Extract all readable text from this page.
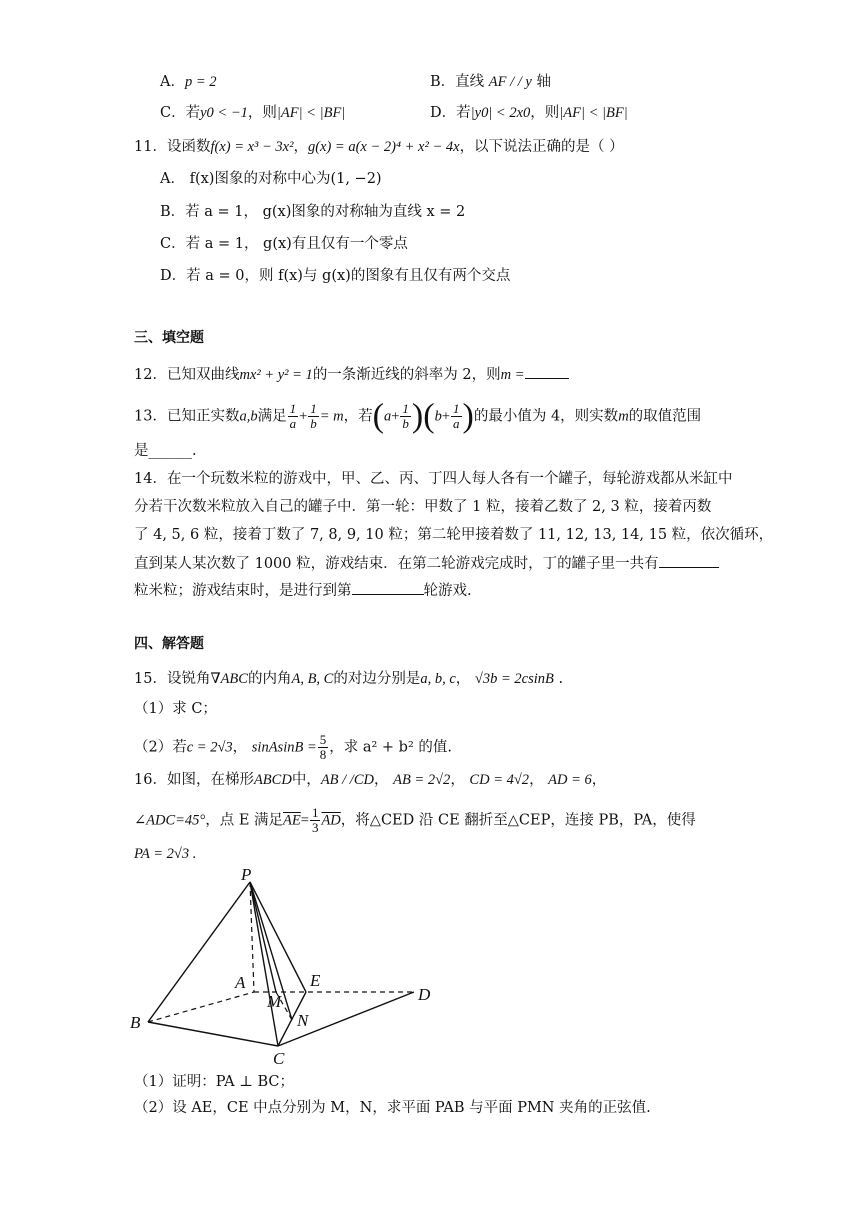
A．p = 2	B．直线 AF / / y 轴
C．若y0 < −1，则|AF| < |BF|	D．若|y0| < 2x0，则|AF| < |BF|
11．设函数f(x) = x³ − 3x²，g(x) = a(x − 2)⁴ + x² − 4x，以下说法正确的是（ ）
A． f(x)图象的对称中心为(1, −2)
B．若 a = 1， g(x)图象的对称轴为直线 x = 2
C．若 a = 1， g(x)有且仅有一个零点
D．若 a = 0，则 f(x)与 g(x)的图象有且仅有两个交点
三、填空题
12．已知双曲线mx² + y² = 1的一条渐近线的斜率为 2，则m =
13．已知正实数a,b满足 $\frac{1}{a} + \frac{1}{b} = m$，若$(a+ \frac{1}{b} )(b+ \frac{1}{a}$ )的最小值为 4，则实数m的取值范围
是______.
14．在一个玩数米粒的游戏中，甲、乙、丙、丁四人每人各有一个罐子，每轮游戏都从米缸中
分若干次数米粒放入自己的罐子中．第一轮：甲数了 1 粒，接着乙数了 2, 3 粒，接着丙数
了 4, 5, 6 粒，接着丁数了 7, 8, 9, 10 粒；第二轮甲接着数了 11, 12, 13, 14, 15 粒，依次循环，
直到某人某次数了 1000 粒，游戏结束．在第二轮游戏完成时，丁的罐子里一共有
粒米粒；游戏结束时，是进行到第	轮游戏.
四、解答题
15．设锐角∇ABC的内角A, B, C的对边分别是a, b, c， √3b = 2csinB .
（1）求 C；
（2）若c = 2√3， sinAsinB = $\frac{5}{8}$ ，求 a² + b² 的值.
16．如图，在梯形ABCD中，AB / /CD， AB = 2√2， CD = 4√2， AD = 6，
∠ADC=45°，点 E 满足$\overline{AE}= \frac{1}{3} \overline{AD}$，将△CED 沿 CE 翻折至△CEP，连接 PB，PA，使得
PA = 2√3 .
P
A	E
D
B
M
N
C
（1）证明：PA ⊥ BC；
（2）设 AE，CE 中点分别为 M，N，求平面 PAB 与平面 PMN 夹角的正弦值.
